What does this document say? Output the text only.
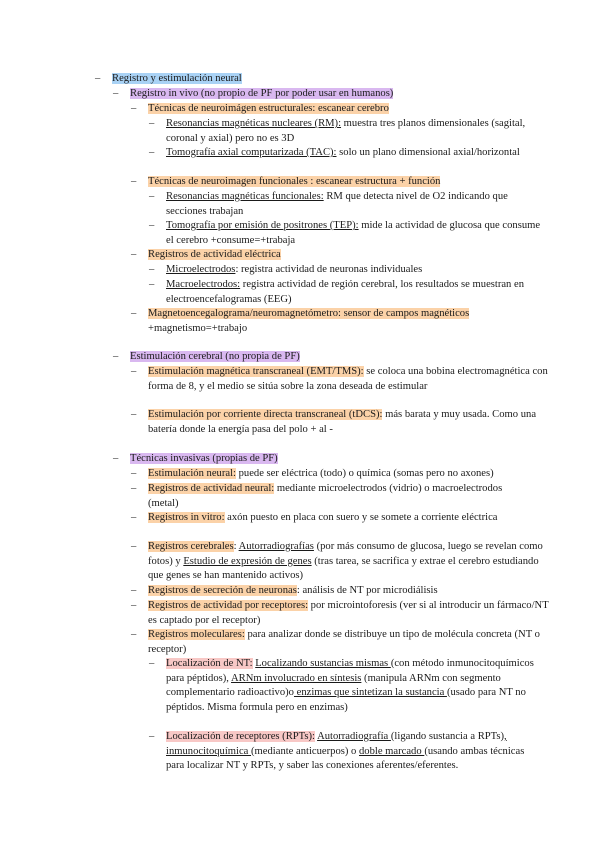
– Registro y estimulación neural
– Registro in vivo (no propio de PF por poder usar en humanos)
– Técnicas de neuroimágen estructurales: escanear cerebro
– Resonancias magnéticas nucleares (RM): muestra tres planos dimensionales (sagital, coronal y axial) pero no es 3D
– Tomografía axial computarizada (TAC): solo un plano dimensional axial/horizontal
– Técnicas de neuroimagen funcionales : escanear estructura + función
– Resonancias magnéticas funcionales: RM que detecta nivel de O2 indicando que secciones trabajan
– Tomografía por emisión de positrones (TEP): mide la actividad de glucosa que consume el cerebro +consume=+trabaja
– Registros de actividad eléctrica
– Microelectrodos: registra actividad de neuronas individuales
– Macroelectrodos: registra actividad de región cerebral, los resultados se muestran en electroencefalogramas (EEG)
– Magnetoencegalograma/neuromagnetómetro: sensor de campos magnéticos +magnetismo=+trabajo
– Estimulación cerebral (no propia de PF)
– Estimulación magnética transcraneal (EMT/TMS): se coloca una bobina electromagnética con forma de 8, y el medio se sitúa sobre la zona deseada de estimular
– Estimulación por corriente directa transcraneal (tDCS): más barata y muy usada. Como una batería donde la energía pasa del polo + al -
– Técnicas invasivas (propias de PF)
– Estimulación neural: puede ser eléctrica (todo) o química (somas pero no axones)
– Registros de actividad neural: mediante microelectrodos (vidrio) o macroelectrodos (metal)
– Registros in vitro: axón puesto en placa con suero y se somete a corriente eléctrica
– Registros cerebrales: Autorradiografías (por más consumo de glucosa, luego se revelan como fotos) y Estudio de expresión de genes (tras tarea, se sacrifica y extrae el cerebro estudiando que genes se han mantenido activos)
– Registros de secreción de neuronas: análisis de NT por microdiálisis
– Registros de actividad por receptores: por microintoforesis (ver si al introducir un fármaco/NT es captado por el receptor)
– Registros moleculares: para analizar donde se distribuye un tipo de molécula concreta (NT o receptor)
– Localización de NT: Localizando sustancias mismas (con método inmunocitoquímicos para péptidos), ARNm involucrado en síntesis (manipula ARNm con segmento complementario radioactivo)o enzimas que sintetizan la sustancia (usado para NT no péptidos. Misma formula pero en enzimas)
– Localización de receptores (RPTs): Autorradiografía (ligando sustancia a RPTs), inmunocitoquímica (mediante anticuerpos) o doble marcado (usando ambas técnicas para localizar NT y RPTs, y saber las conexiones aferentes/eferentes.
